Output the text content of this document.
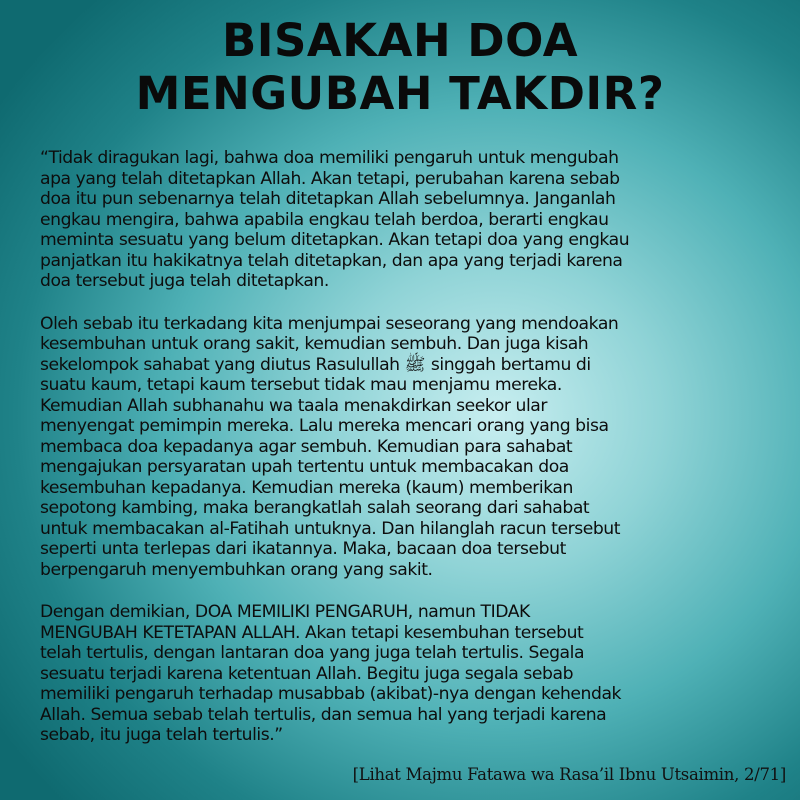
BISAKAH DOA
MENGUBAH TAKDIR?
“Tidak diragukan lagi, bahwa doa memiliki pengaruh untuk mengubah
apa yang telah ditetapkan Allah. Akan tetapi, perubahan karena sebab
doa itu pun sebenarnya telah ditetapkan Allah sebelumnya. Janganlah
engkau mengira, bahwa apabila engkau telah berdoa, berarti engkau
meminta sesuatu yang belum ditetapkan. Akan tetapi doa yang engkau
panjatkan itu hakikatnya telah ditetapkan, dan apa yang terjadi karena
doa tersebut juga telah ditetapkan.
Oleh sebab itu terkadang kita menjumpai seseorang yang mendoakan
kesembuhan untuk orang sakit, kemudian sembuh. Dan juga kisah
sekelompok sahabat yang diutus Rasulullah ﷺ singgah bertamu di
suatu kaum, tetapi kaum tersebut tidak mau menjamu mereka.
Kemudian Allah subhanahu wa taala menakdirkan seekor ular
menyengat pemimpin mereka. Lalu mereka mencari orang yang bisa
membaca doa kepadanya agar sembuh. Kemudian para sahabat
mengajukan persyaratan upah tertentu untuk membacakan doa
kesembuhan kepadanya. Kemudian mereka (kaum) memberikan
sepotong kambing, maka berangkatlah salah seorang dari sahabat
untuk membacakan al-Fatihah untuknya. Dan hilanglah racun tersebut
seperti unta terlepas dari ikatannya. Maka, bacaan doa tersebut
berpengaruh menyembuhkan orang yang sakit.
Dengan demikian, DOA MEMILIKI PENGARUH, namun TIDAK
MENGUBAH KETETAPAN ALLAH. Akan tetapi kesembuhan tersebut
telah tertulis, dengan lantaran doa yang juga telah tertulis. Segala
sesuatu terjadi karena ketentuan Allah. Begitu juga segala sebab
memiliki pengaruh terhadap musabbab (akibat)-nya dengan kehendak
Allah. Semua sebab telah tertulis, dan semua hal yang terjadi karena
sebab, itu juga telah tertulis.”
[Lihat Majmu Fatawa wa Rasa’il Ibnu Utsaimin, 2/71]
